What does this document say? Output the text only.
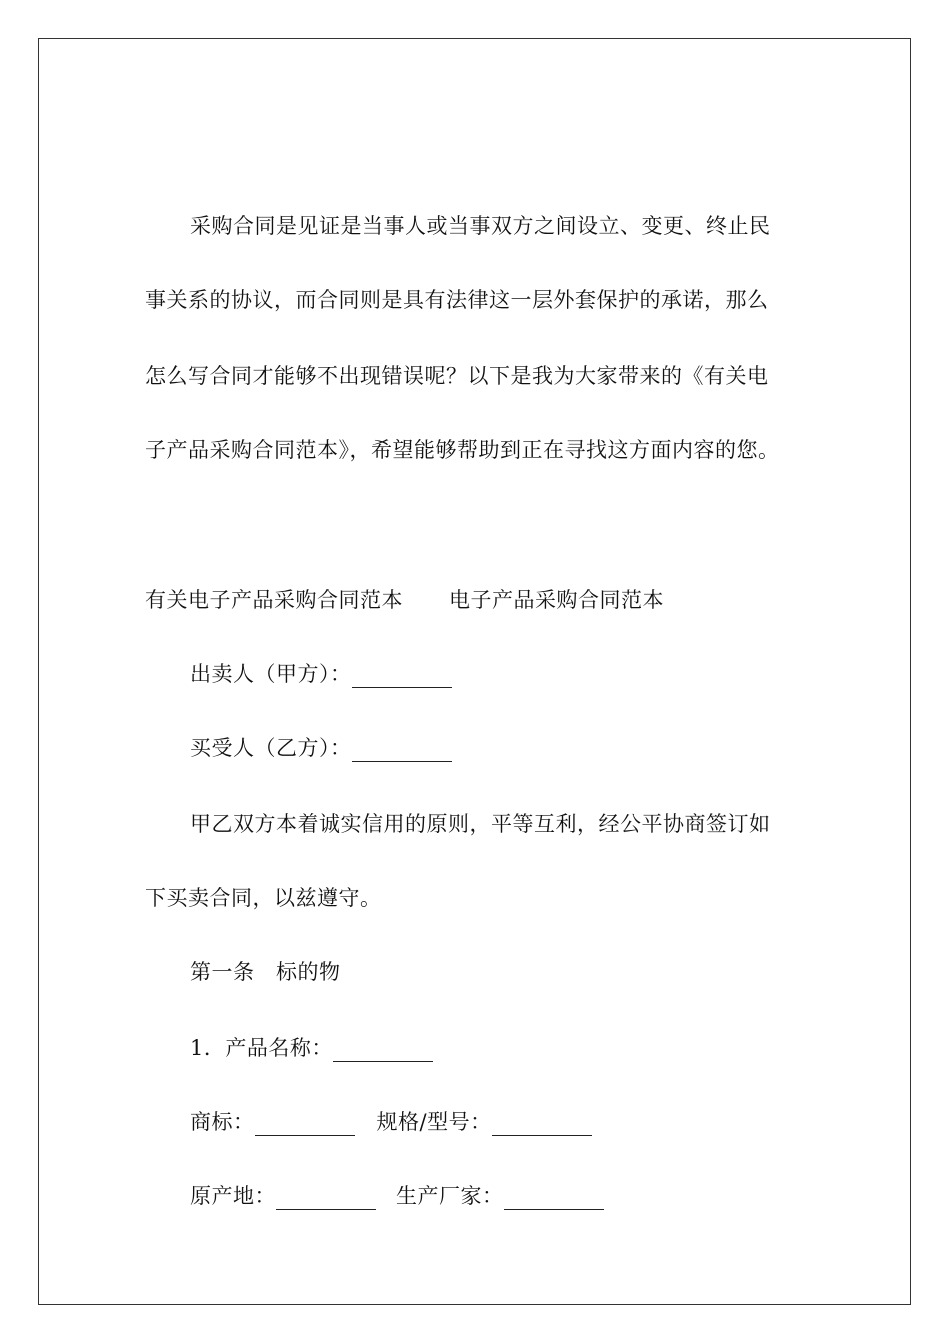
采购合同是见证是当事人或当事双方之间设立、变更、终止民
事关系的协议，而合同则是具有法律这一层外套保护的承诺，那么
怎么写合同才能够不出现错误呢？以下是我为大家带来的《有关电
子产品采购合同范本》，希望能够帮助到正在寻找这方面内容的您。
有关电子产品采购合同范本 电子产品采购合同范本
出卖人（甲方）：
买受人（乙方）：
甲乙双方本着诚实信用的原则，平等互利，经公平协商签订如
下买卖合同，以兹遵守。
第一条　标的物
1．产品名称：
商标：	规格/型号：
原产地：	生产厂家：
